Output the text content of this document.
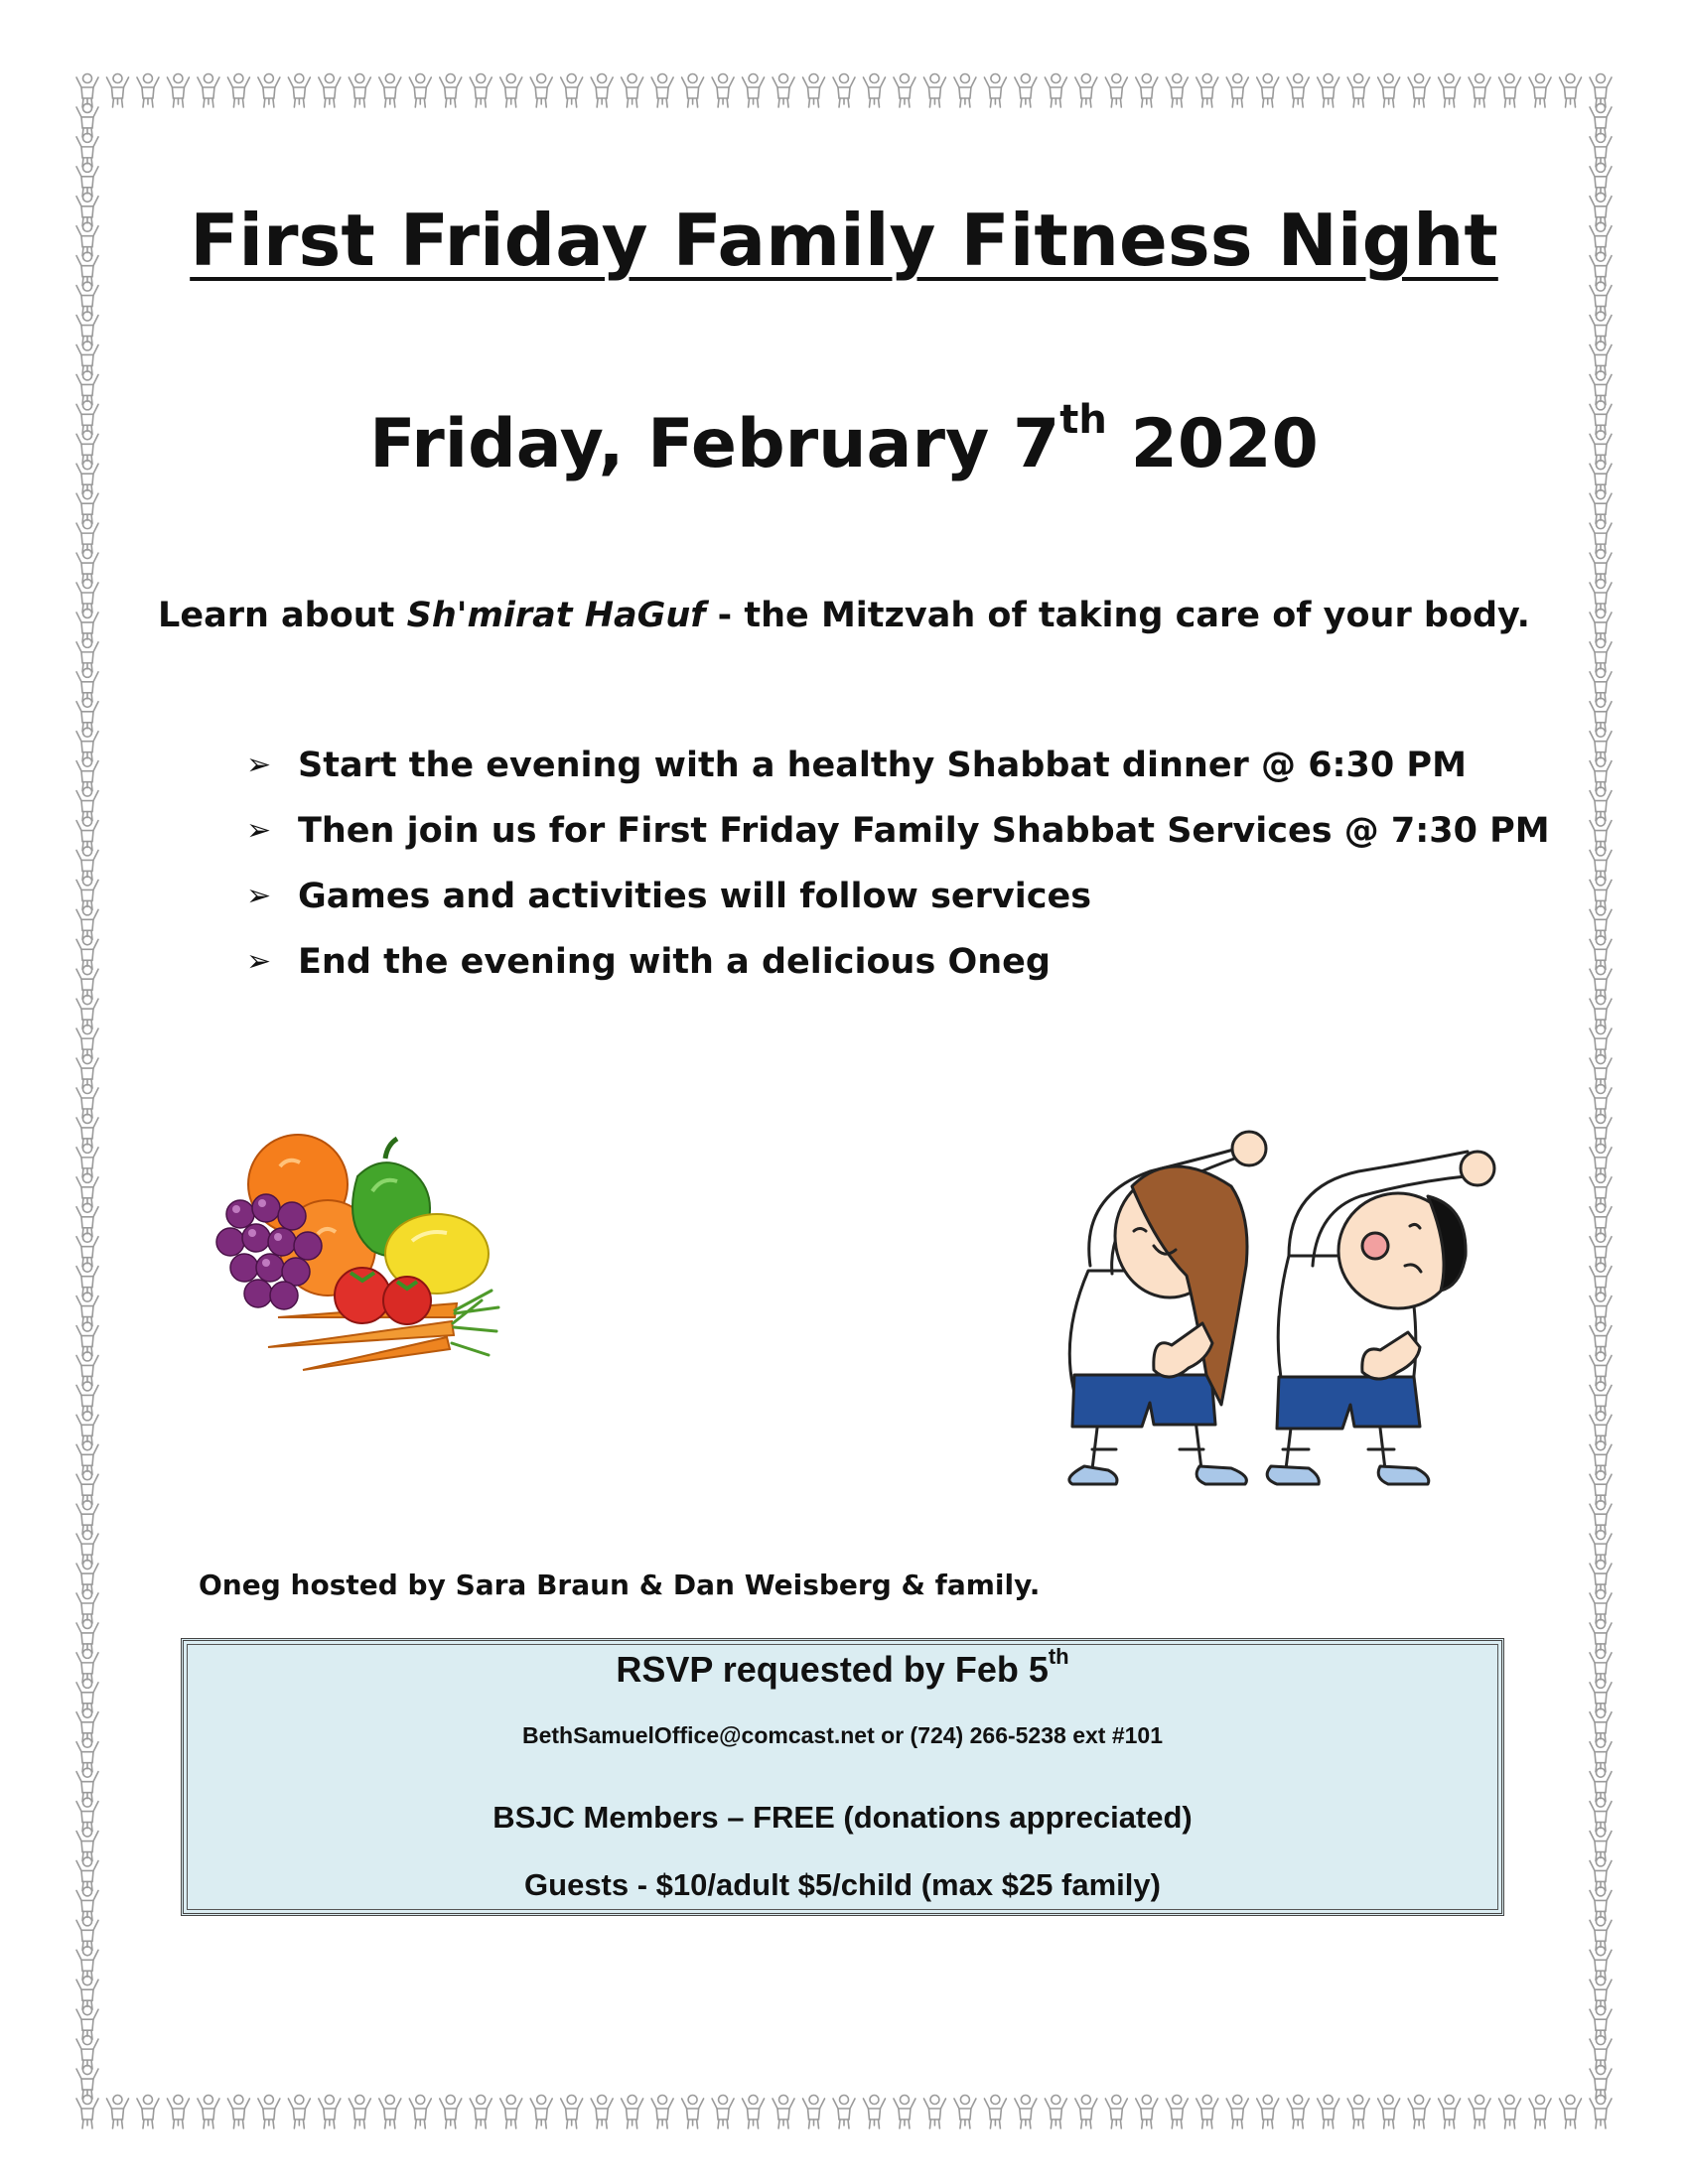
First Friday Family Fitness Night
Friday, February 7th 2020
Learn about Sh'mirat HaGuf - the Mitzvah of taking care of your body.
➢ Start the evening with a healthy Shabbat dinner @ 6:30 PM
➢ Then join us for First Friday Family Shabbat Services @ 7:30 PM
➢ Games and activities will follow services
➢ End the evening with a delicious Oneg
Oneg hosted by Sara Braun & Dan Weisberg & family.
RSVP requested by Feb 5th
BethSamuelOffice@comcast.net or (724) 266-5238 ext #101
BSJC Members – FREE (donations appreciated)
Guests - $10/adult $5/child (max $25 family)
